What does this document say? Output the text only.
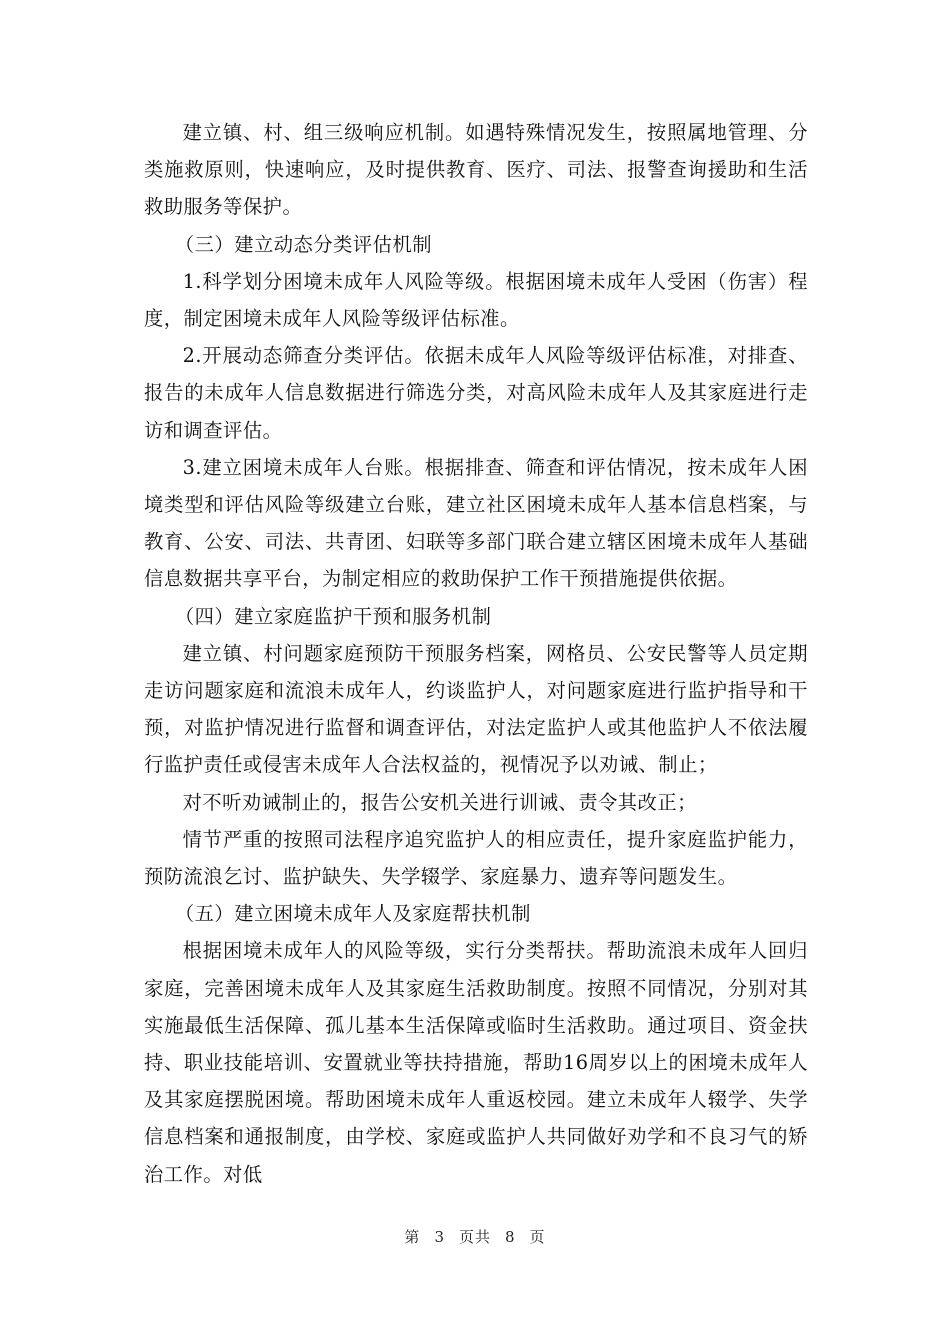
建立镇、村、组三级响应机制。如遇特殊情况发生，按照属地管理、分类施救原则，快速响应，及时提供教育、医疗、司法、报警查询援助和生活救助服务等保护。

（三）建立动态分类评估机制

1.科学划分困境未成年人风险等级。根据困境未成年人受困（伤害）程度，制定困境未成年人风险等级评估标准。

2.开展动态筛查分类评估。依据未成年人风险等级评估标准，对排查、报告的未成年人信息数据进行筛选分类，对高风险未成年人及其家庭进行走访和调查评估。

3.建立困境未成年人台账。根据排查、筛查和评估情况，按未成年人困境类型和评估风险等级建立台账，建立社区困境未成年人基本信息档案，与教育、公安、司法、共青团、妇联等多部门联合建立辖区困境未成年人基础信息数据共享平台，为制定相应的救助保护工作干预措施提供依据。

（四）建立家庭监护干预和服务机制

建立镇、村问题家庭预防干预服务档案，网格员、公安民警等人员定期走访问题家庭和流浪未成年人，约谈监护人，对问题家庭进行监护指导和干预，对监护情况进行监督和调查评估，对法定监护人或其他监护人不依法履行监护责任或侵害未成年人合法权益的，视情况予以劝诫、制止；

对不听劝诫制止的，报告公安机关进行训诫、责令其改正；

情节严重的按照司法程序追究监护人的相应责任，提升家庭监护能力，预防流浪乞讨、监护缺失、失学辍学、家庭暴力、遗弃等问题发生。

（五）建立困境未成年人及家庭帮扶机制

根据困境未成年人的风险等级，实行分类帮扶。帮助流浪未成年人回归家庭，完善困境未成年人及其家庭生活救助制度。按照不同情况，分别对其实施最低生活保障、孤儿基本生活保障或临时生活救助。通过项目、资金扶持、职业技能培训、安置就业等扶持措施，帮助16周岁以上的困境未成年人及其家庭摆脱困境。帮助困境未成年人重返校园。建立未成年人辍学、失学信息档案和通报制度，由学校、家庭或监护人共同做好劝学和不良习气的矫治工作。对低

第 3 页共 8 页
